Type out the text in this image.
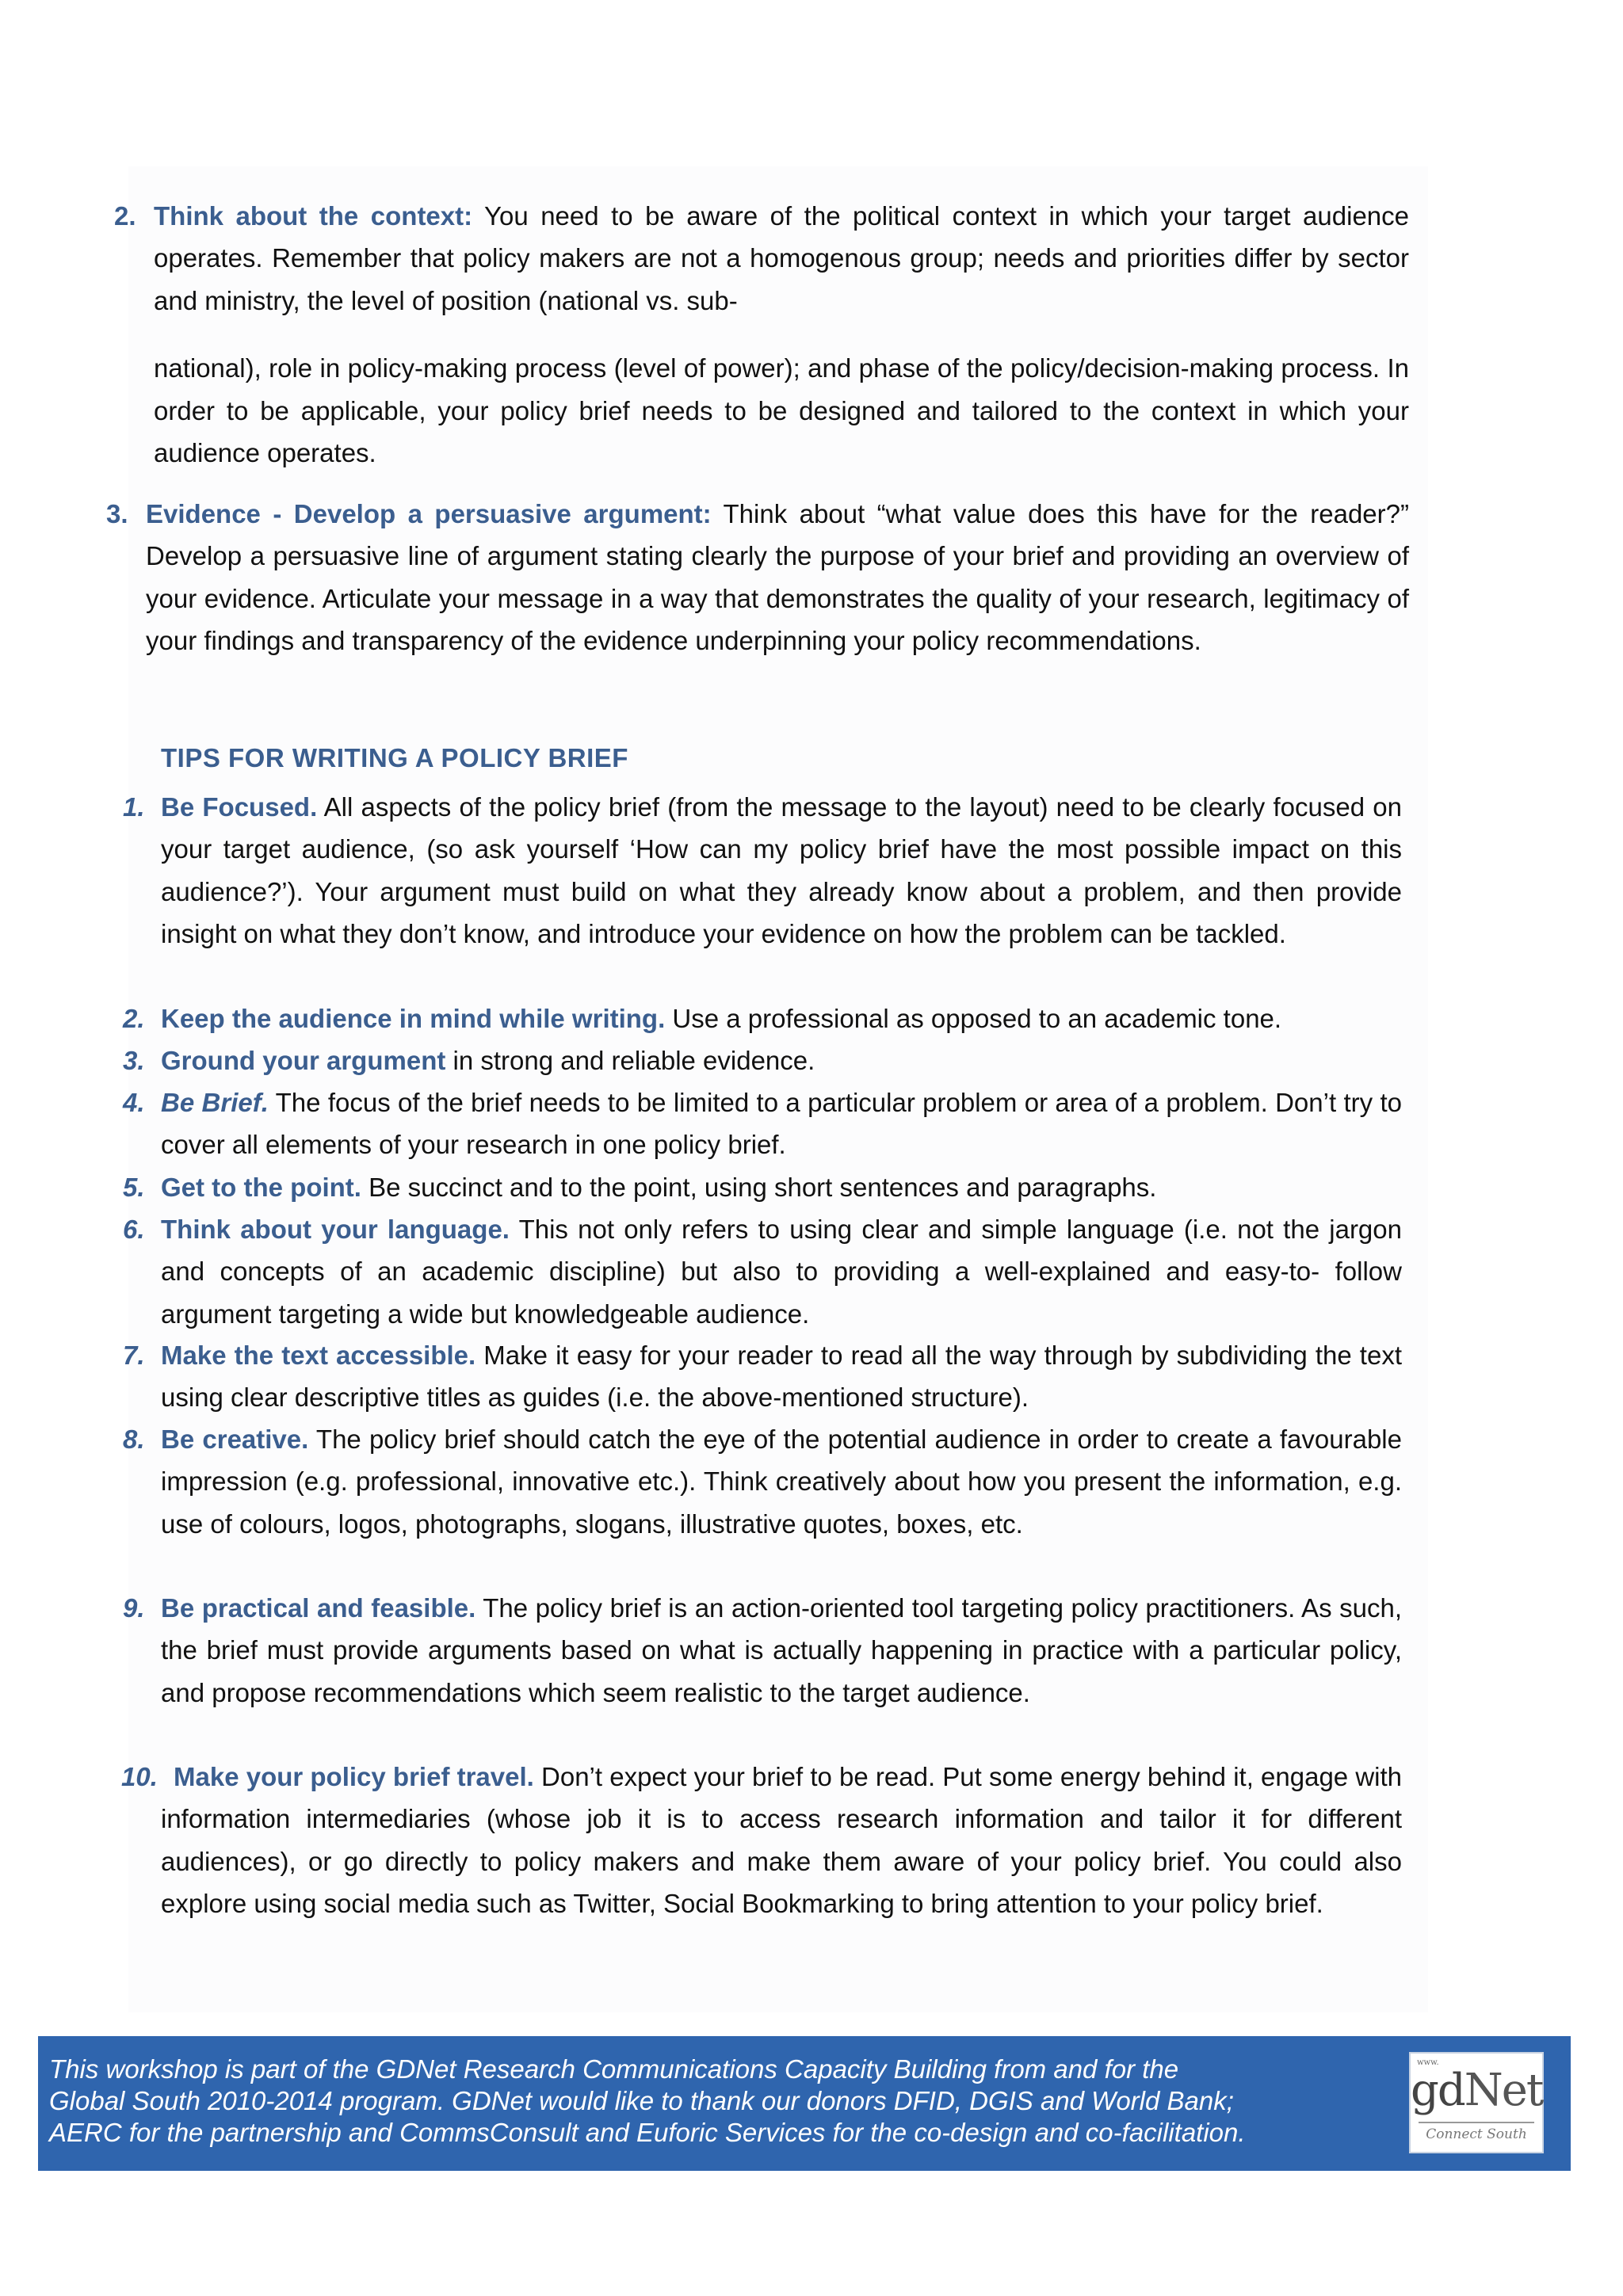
2. Think about the context: You need to be aware of the political context in which your target audience operates. Remember that policy makers are not a homogenous group; needs and priorities differ by sector and ministry, the level of position (national vs. sub-

national), role in policy-making process (level of power); and phase of the policy/decision-making process. In order to be applicable, your policy brief needs to be designed and tailored to the context in which your audience operates.

3. Evidence - Develop a persuasive argument: Think about “what value does this have for the reader?” Develop a persuasive line of argument stating clearly the purpose of your brief and providing an overview of your evidence. Articulate your message in a way that demonstrates the quality of your research, legitimacy of your findings and transparency of the evidence underpinning your policy recommendations.

TIPS FOR WRITING A POLICY BRIEF
1. Be Focused. All aspects of the policy brief (from the message to the layout) need to be clearly focused on your target audience, (so ask yourself ‘How can my policy brief have the most possible impact on this audience?’). Your argument must build on what they already know about a problem, and then provide insight on what they don’t know, and introduce your evidence on how the problem can be tackled.

2. Keep the audience in mind while writing. Use a professional as opposed to an academic tone.

3. Ground your argument in strong and reliable evidence.

4. Be Brief. The focus of the brief needs to be limited to a particular problem or area of a problem. Don’t try to cover all elements of your research in one policy brief.

5. Get to the point. Be succinct and to the point, using short sentences and paragraphs.

6. Think about your language. This not only refers to using clear and simple language (i.e. not the jargon and concepts of an academic discipline) but also to providing a well-explained and easy-to- follow argument targeting a wide but knowledgeable audience.

7. Make the text accessible. Make it easy for your reader to read all the way through by subdividing the text using clear descriptive titles as guides (i.e. the above-mentioned structure).

8. Be creative. The policy brief should catch the eye of the potential audience in order to create a favourable impression (e.g. professional, innovative etc.). Think creatively about how you present the information, e.g. use of colours, logos, photographs, slogans, illustrative quotes, boxes, etc.

9. Be practical and feasible. The policy brief is an action-oriented tool targeting policy practitioners. As such, the brief must provide arguments based on what is actually happening in practice with a particular policy, and propose recommendations which seem realistic to the target audience.

10. Make your policy brief travel. Don’t expect your brief to be read. Put some energy behind it, engage with information intermediaries (whose job it is to access research information and tailor it for different audiences), or go directly to policy makers and make them aware of your policy brief. You could also explore using social media such as Twitter, Social Bookmarking to bring attention to your policy brief.

This workshop is part of the GDNet Research Communications Capacity Building from and for the

Global South 2010-2014 program. GDNet would like to thank our donors DFID, DGIS and World Bank;

AERC for the partnership and CommsConsult and Euforic Services for the co-design and co-facilitation.

www.
gdNet
Connect South
